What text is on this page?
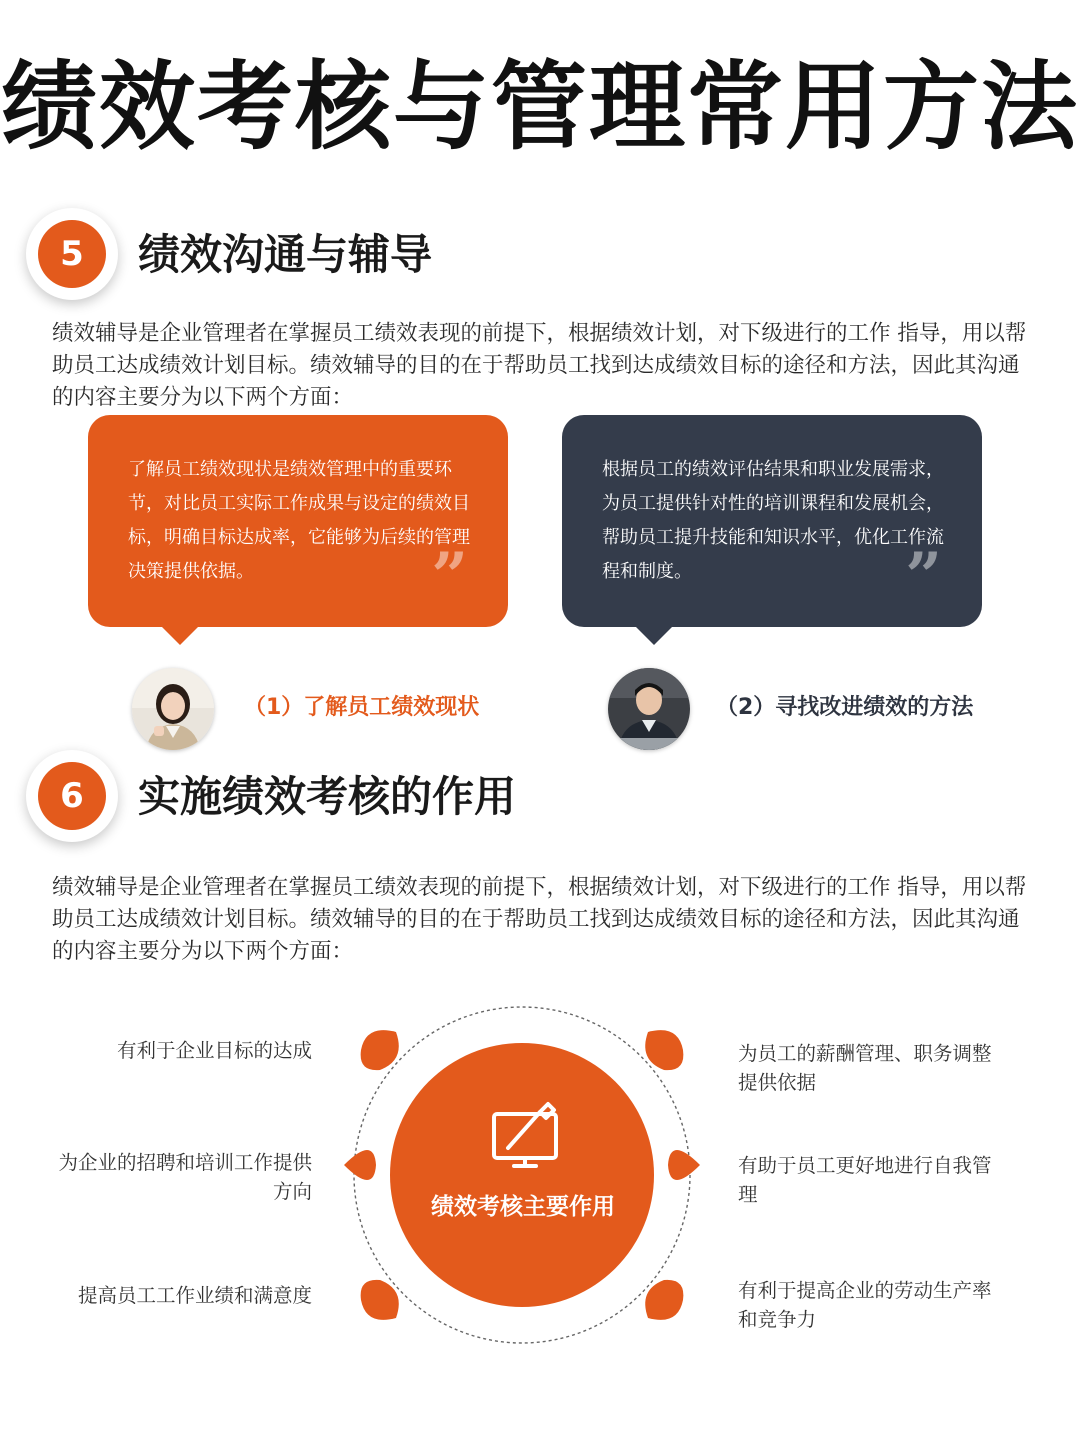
绩效考核与管理常用方法
5	绩效沟通与辅导
绩效辅导是企业管理者在掌握员工绩效表现的前提下，根据绩效计划，对下级进行的工作 指导，用以帮助员工达成绩效计划目标。绩效辅导的目的在于帮助员工找到达成绩效目标的途径和方法，因此其沟通的内容主要分为以下两个方面：
了解员工绩效现状是绩效管理中的重要环节，对比员工实际工作成果与设定的绩效目标，明确目标达成率，它能够为后续的管理决策提供依据。	”
根据员工的绩效评估结果和职业发展需求，为员工提供针对性的培训课程和发展机会，帮助员工提升技能和知识水平，优化工作流程和制度。	”
（1）了解员工绩效现状	（2）寻找改进绩效的方法
6	实施绩效考核的作用
绩效辅导是企业管理者在掌握员工绩效表现的前提下，根据绩效计划，对下级进行的工作 指导，用以帮助员工达成绩效计划目标。绩效辅导的目的在于帮助员工找到达成绩效目标的途径和方法，因此其沟通的内容主要分为以下两个方面：
绩效考核主要作用
有利于企业目标的达成
为企业的招聘和培训工作提供方向
提高员工工作业绩和满意度
为员工的薪酬管理、职务调整提供依据
有助于员工更好地进行自我管理
有利于提高企业的劳动生产率和竞争力
